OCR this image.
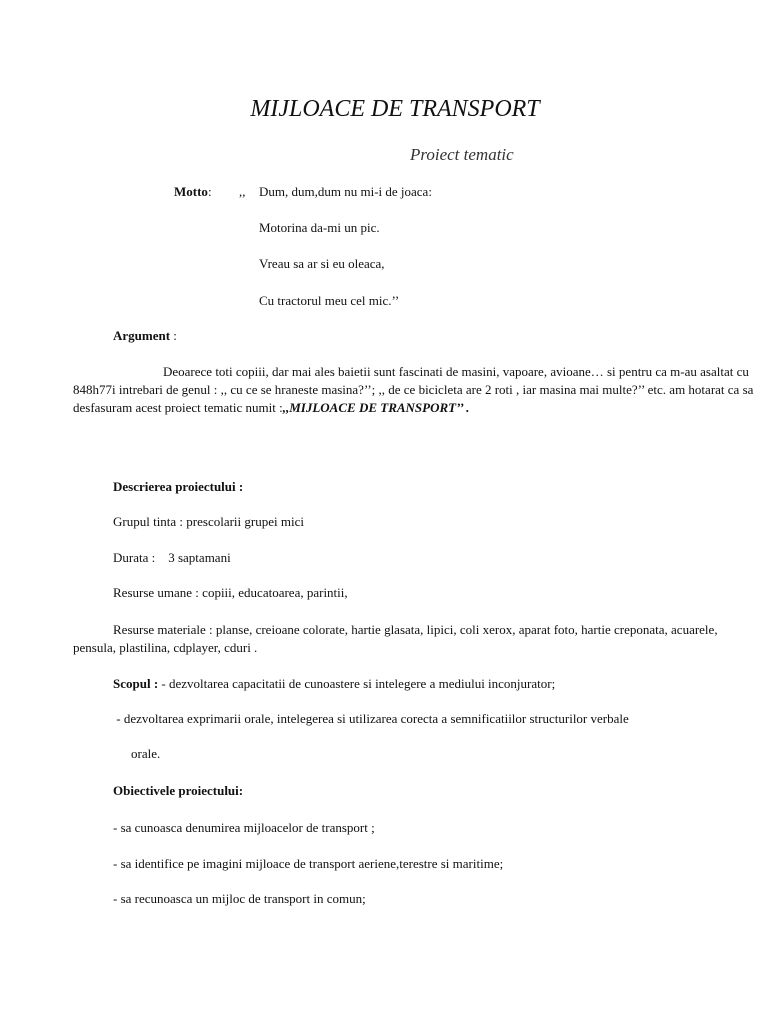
MIJLOACE DE TRANSPORT
Proiect tematic
Motto: ,, Dum, dum,dum nu mi-i de joaca:
Motorina da-mi un pic.
Vreau sa ar si eu oleaca,
Cu tractorul meu cel mic.’’
Argument :
Deoarece toti copiii, dar mai ales baietii sunt fascinati de masini, vapoare, avioane… si pentru ca m-au asaltat cu 848h77i intrebari de genul : ,, cu ce se hraneste masina?’’; ,, de ce bicicleta are 2 roti , iar masina mai multe?’’ etc. am hotarat ca sa desfasuram acest proiect tematic numit :,,MIJLOACE DE TRANSPORT’’ .
Descrierea proiectului :
Grupul tinta : prescolarii grupei mici
Durata :    3 saptamani
Resurse umane : copiii, educatoarea, parintii,
Resurse materiale : planse, creioane colorate, hartie glasata, lipici, coli xerox, aparat foto, hartie creponata, acuarele, pensula, plastilina, cdplayer, cduri .
Scopul : - dezvoltarea capacitatii de cunoastere si intelegere a mediului inconjurator;
- dezvoltarea exprimarii orale, intelegerea si utilizarea corecta a semnificatiilor structurilor verbale
orale.
Obiectivele proiectului:
- sa cunoasca denumirea mijloacelor de transport ;
- sa identifice pe imagini mijloace de transport aeriene,terestre si maritime;
- sa recunoasca un mijloc de transport in comun;
